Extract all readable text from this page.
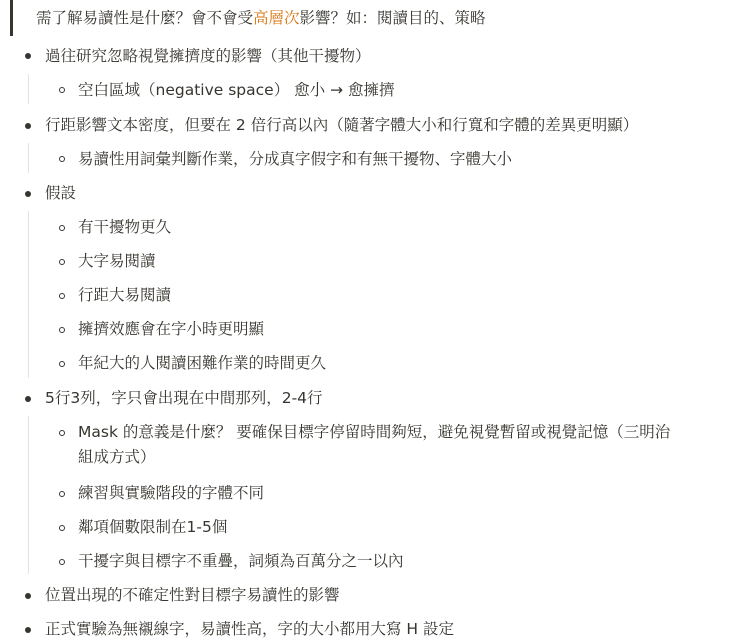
需了解易讀性是什麼？會不會受高層次影響？如：閱讀目的、策略
過往研究忽略視覺擁擠度的影響（其他干擾物）
空白區域（negative space） 愈小 → 愈擁擠
行距影響文本密度，但要在 2 倍行高以內（隨著字體大小和行寬和字體的差異更明顯）
易讀性用詞彙判斷作業，分成真字假字和有無干擾物、字體大小
假設
有干擾物更久
大字易閱讀
行距大易閱讀
擁擠效應會在字小時更明顯
年紀大的人閱讀困難作業的時間更久
5行3列，字只會出現在中間那列，2-4行
Mask 的意義是什麼？ 要確保目標字停留時間夠短，避免視覺暫留或視覺記憶（三明治
組成方式）
練習與實驗階段的字體不同
鄰項個數限制在1-5個
干擾字與目標字不重疊，詞頻為百萬分之一以內
位置出現的不確定性對目標字易讀性的影響
正式實驗為無襯線字，易讀性高，字的大小都用大寫 H 設定
